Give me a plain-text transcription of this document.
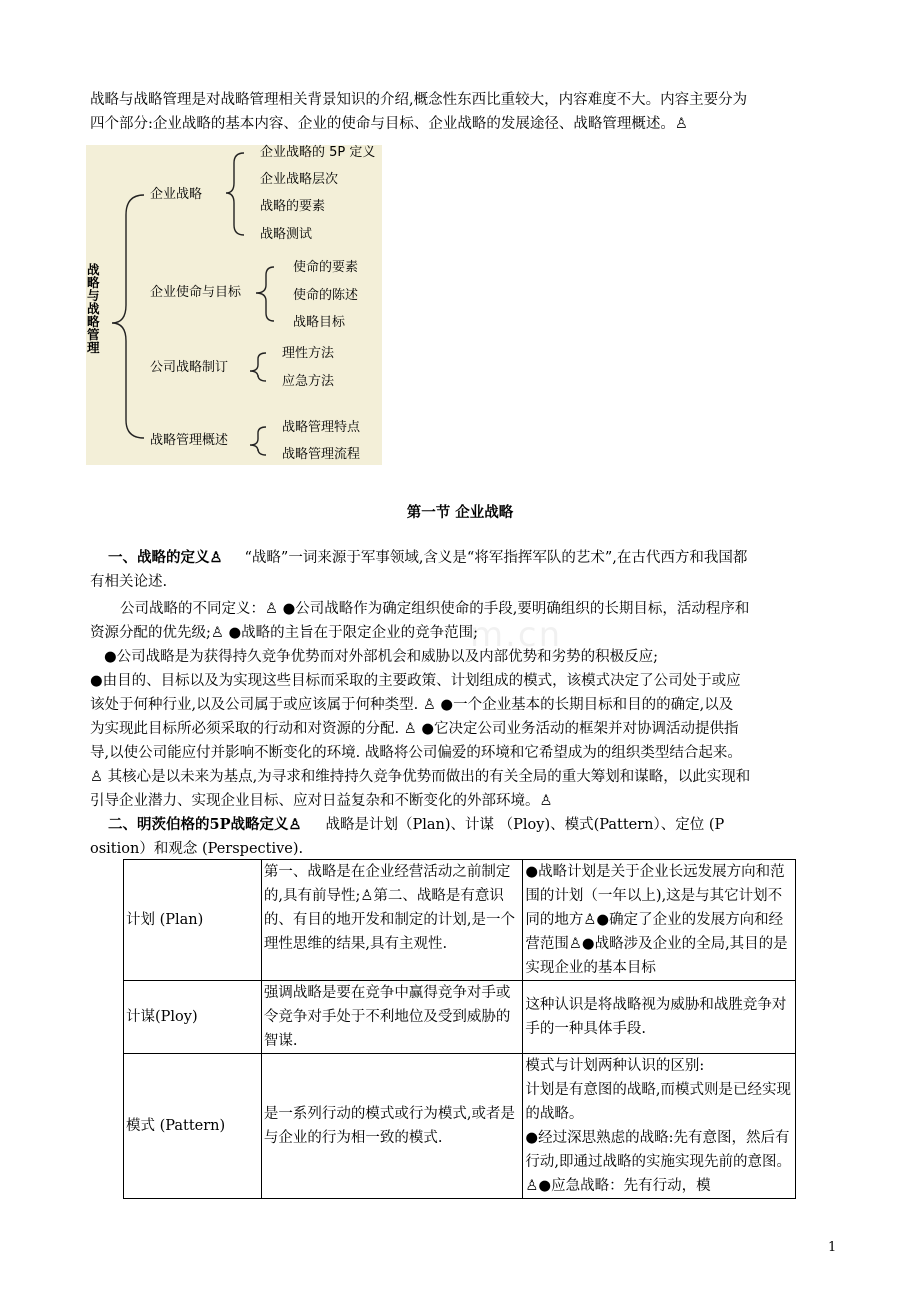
战略与战略管理是对战略管理相关背景知识的介绍,概念性东西比重较大，内容难度不大。内容主要分为
四个部分:企业战略的基本内容、企业的使命与目标、企业战略的发展途径、战略管理概述。♙
战略与战略管理
企业战略
企业战略的 5P 定义
企业战略层次
战略的要素
战略测试
企业使命与目标
使命的要素
使命的陈述
战略目标
公司战略制订
理性方法
应急方法
战略管理概述
战略管理特点
战略管理流程
第一节 企业战略
一、战略的定义♙ “战略”一词来源于军事领域,含义是“将军指挥军队的艺术”,在古代西方和我国都
有相关论述.
公司战略的不同定义：♙ ●公司战略作为确定组织使命的手段,要明确组织的长期目标，活动程序和
资源分配的优先级;♙ ●战略的主旨在于限定企业的竞争范围;
●公司战略是为获得持久竞争优势而对外部机会和威胁以及内部优势和劣势的积极反应;
●由目的、目标以及为实现这些目标而采取的主要政策、计划组成的模式，该模式决定了公司处于或应
该处于何种行业,以及公司属于或应该属于何种类型. ♙ ●一个企业基本的长期目标和目的的确定,以及
为实现此目标所必须采取的行动和对资源的分配. ♙ ●它决定公司业务活动的框架并对协调活动提供指
导,以使公司能应付并影响不断变化的环境. 战略将公司偏爱的环境和它希望成为的组织类型结合起来。
♙ 其核心是以未来为基点,为寻求和维持持久竞争优势而做出的有关全局的重大筹划和谋略，以此实现和
引导企业潜力、实现企业目标、应对日益复杂和不断变化的外部环境。♙
二、明茨伯格的5P战略定义♙ 战略是计划（Plan)、计谋 （Ploy)、模式(Pattern）、定位 (P
osition）和观念 (Perspective).
计划 (Plan)	第一、战略是在企业经营活动之前制定的,具有前导性;♙第二、战略是有意识的、有目的地开发和制定的计划,是一个理性思维的结果,具有主观性.	●战略计划是关于企业长远发展方向和范围的计划（一年以上),这是与其它计划不同的地方♙●确定了企业的发展方向和经营范围♙●战略涉及企业的全局,其目的是实现企业的基本目标
计谋(Ploy)	强调战略是要在竞争中赢得竞争对手或令竞争对手处于不利地位及受到威胁的智谋.	这种认识是将战略视为威胁和战胜竞争对手的一种具体手段.
模式 (Pattern)	是一系列行动的模式或行为模式,或者是与企业的行为相一致的模式.	模式与计划两种认识的区别:
计划是有意图的战略,而模式则是已经实现的战略。
●经过深思熟虑的战略:先有意图，然后有行动,即通过战略的实施实现先前的意图。♙●应急战略：先有行动，模
m.cn
1
